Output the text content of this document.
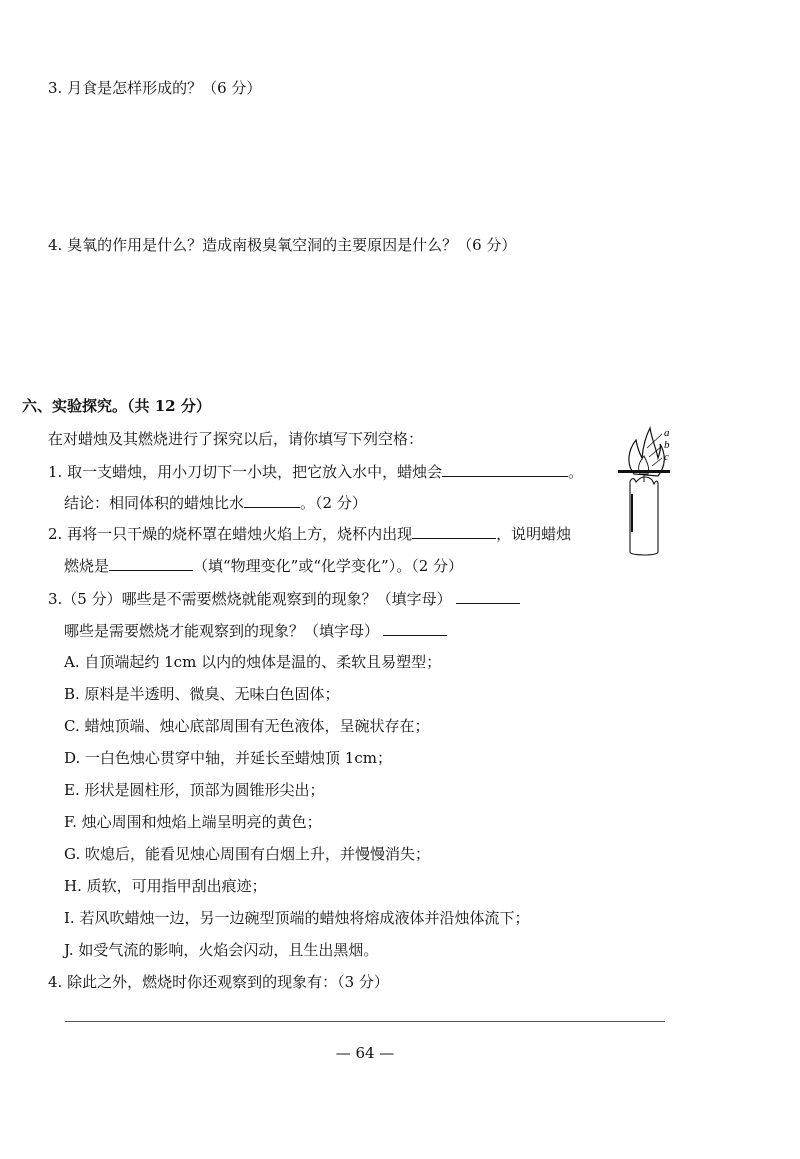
3. 月食是怎样形成的？（6 分）
4. 臭氧的作用是什么？造成南极臭氧空洞的主要原因是什么？（6 分）
六、实验探究。（共 12 分）
在对蜡烛及其燃烧进行了探究以后，请你填写下列空格：
1. 取一支蜡烛，用小刀切下一小块，把它放入水中，蜡烛会	。
结论：相同体积的蜡烛比水	。（2 分）
2. 再将一只干燥的烧杯罩在蜡烛火焰上方，烧杯内出现	，说明蜡烛
燃烧是	（填“物理变化”或“化学变化”）。（2 分）
3.（5 分）哪些是不需要燃烧就能观察到的现象？（填字母）
哪些是需要燃烧才能观察到的现象？（填字母）
A. 自顶端起约 1cm 以内的烛体是温的、柔软且易塑型；
B. 原料是半透明、微臭、无味白色固体；
C. 蜡烛顶端、烛心底部周围有无色液体，呈碗状存在；
D. 一白色烛心贯穿中轴，并延长至蜡烛顶 1cm；
E. 形状是圆柱形，顶部为圆锥形尖出；
F. 烛心周围和烛焰上端呈明亮的黄色；
G. 吹熄后，能看见烛心周围有白烟上升，并慢慢消失；
H. 质软，可用指甲刮出痕迹；
I. 若风吹蜡烛一边，另一边碗型顶端的蜡烛将熔成液体并沿烛体流下；
J. 如受气流的影响，火焰会闪动，且生出黑烟。
4. 除此之外，燃烧时你还观察到的现象有：（3 分）
a
b
c
— 64 —
